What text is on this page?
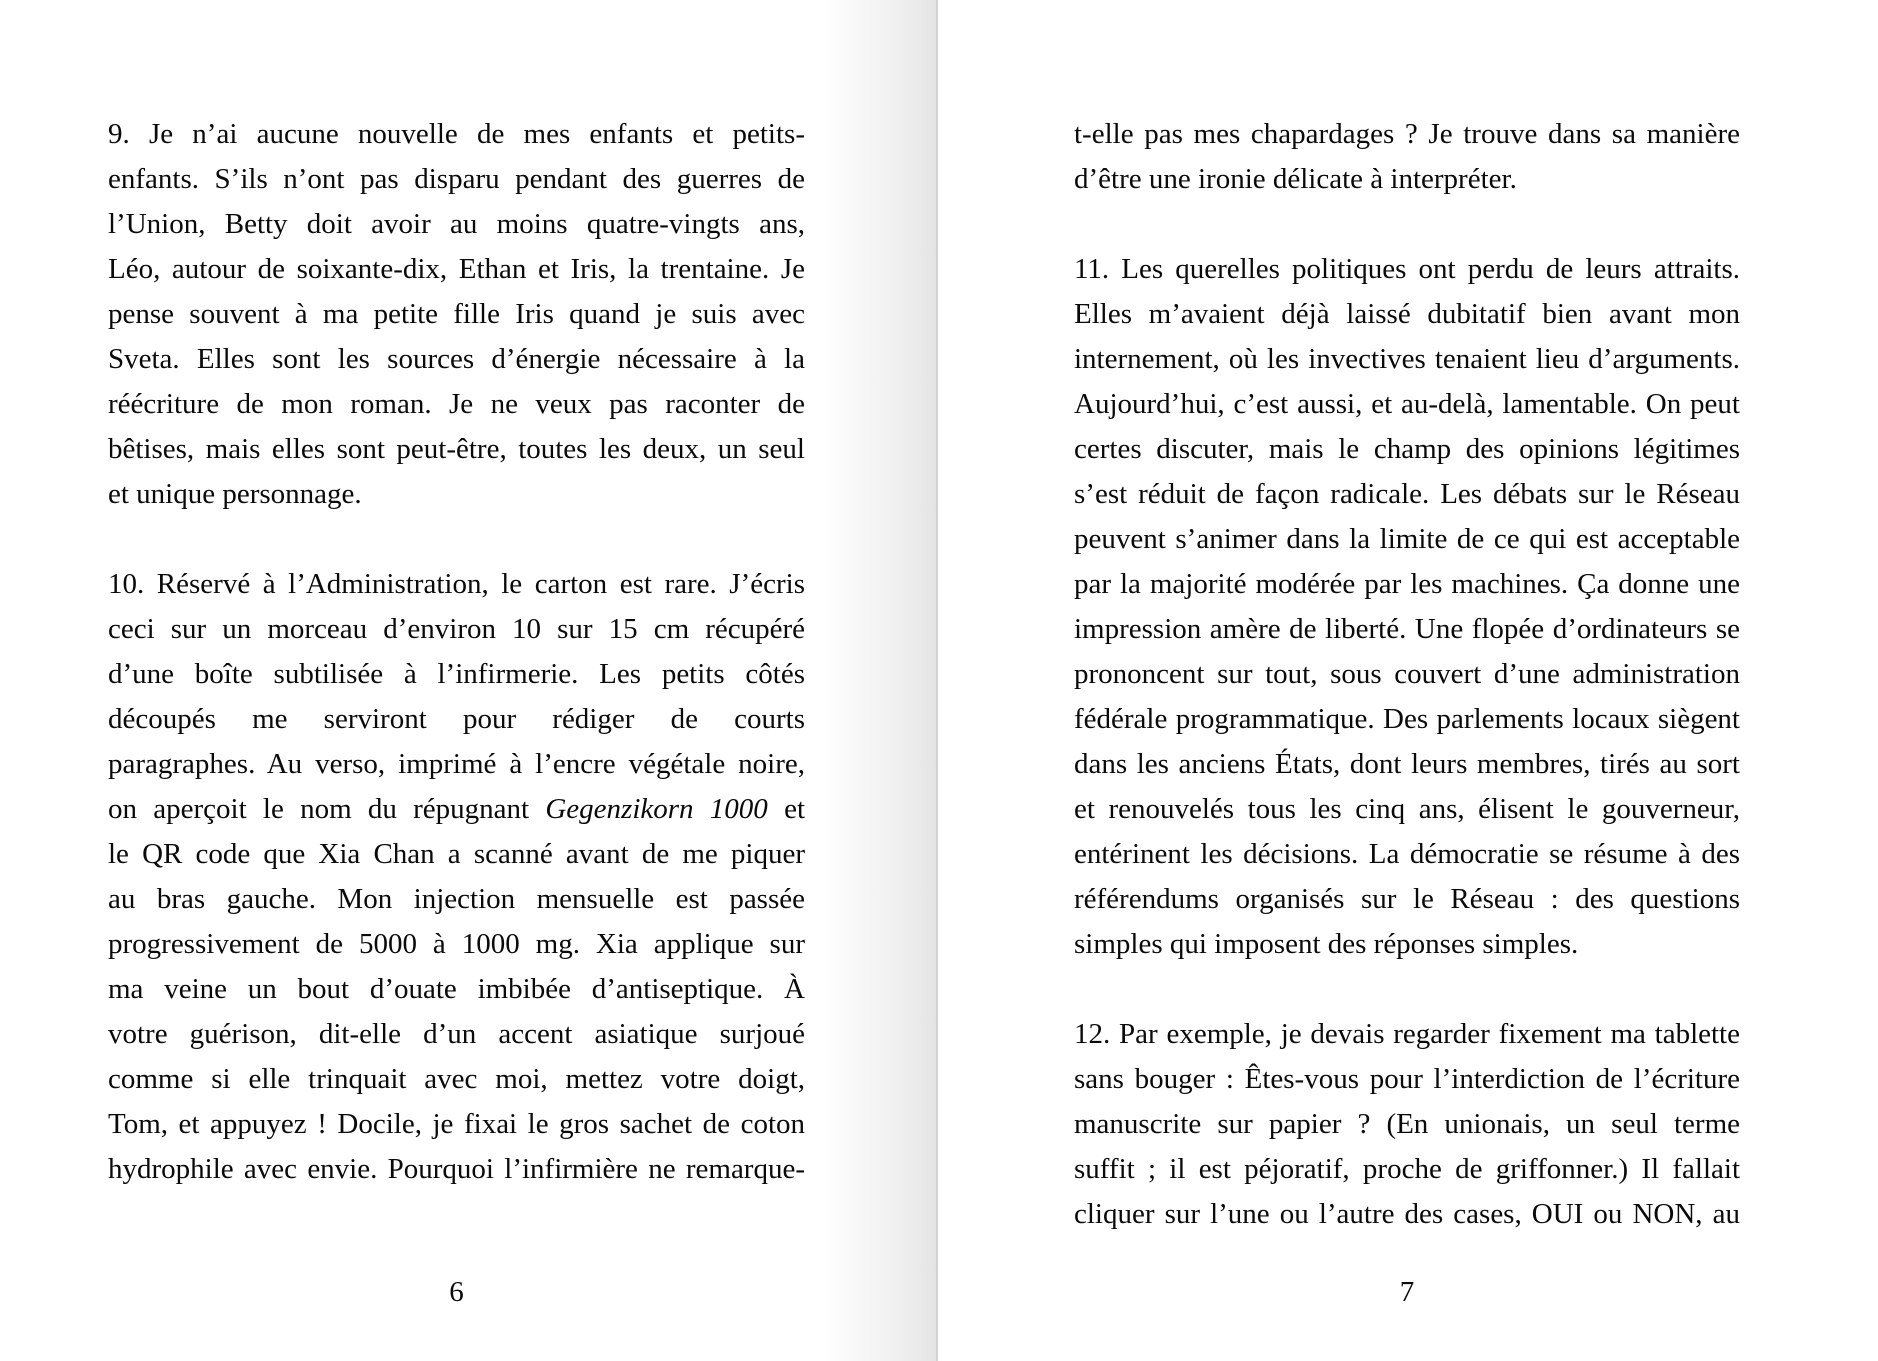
9. Je n’ai aucune nouvelle de mes enfants et petits-
enfants. S’ils n’ont pas disparu pendant des guerres de
l’Union, Betty doit avoir au moins quatre-vingts ans,
Léo, autour de soixante-dix, Ethan et Iris, la trentaine. Je
pense souvent à ma petite fille Iris quand je suis avec
Sveta. Elles sont les sources d’énergie nécessaire à la
réécriture de mon roman. Je ne veux pas raconter de
bêtises, mais elles sont peut-être, toutes les deux, un seul
et unique personnage.
10. Réservé à l’Administration, le carton est rare. J’écris
ceci sur un morceau d’environ 10 sur 15 cm récupéré
d’une boîte subtilisée à l’infirmerie. Les petits côtés
découpés me serviront pour rédiger de courts
paragraphes. Au verso, imprimé à l’encre végétale noire,
on aperçoit le nom du répugnant Gegenzikorn 1000 et
le QR code que Xia Chan a scanné avant de me piquer
au bras gauche. Mon injection mensuelle est passée
progressivement de 5000 à 1000 mg. Xia applique sur
ma veine un bout d’ouate imbibée d’antiseptique. À
votre guérison, dit-elle d’un accent asiatique surjoué
comme si elle trinquait avec moi, mettez votre doigt,
Tom, et appuyez ! Docile, je fixai le gros sachet de coton
hydrophile avec envie. Pourquoi l’infirmière ne remarque-
6
t-elle pas mes chapardages ? Je trouve dans sa manière
d’être une ironie délicate à interpréter.
11. Les querelles politiques ont perdu de leurs attraits.
Elles m’avaient déjà laissé dubitatif bien avant mon
internement, où les invectives tenaient lieu d’arguments.
Aujourd’hui, c’est aussi, et au-delà, lamentable. On peut
certes discuter, mais le champ des opinions légitimes
s’est réduit de façon radicale. Les débats sur le Réseau
peuvent s’animer dans la limite de ce qui est acceptable
par la majorité modérée par les machines. Ça donne une
impression amère de liberté. Une flopée d’ordinateurs se
prononcent sur tout, sous couvert d’une administration
fédérale programmatique. Des parlements locaux siègent
dans les anciens États, dont leurs membres, tirés au sort
et renouvelés tous les cinq ans, élisent le gouverneur,
entérinent les décisions. La démocratie se résume à des
référendums organisés sur le Réseau : des questions
simples qui imposent des réponses simples.
12. Par exemple, je devais regarder fixement ma tablette
sans bouger : Êtes-vous pour l’interdiction de l’écriture
manuscrite sur papier ? (En unionais, un seul terme
suffit ; il est péjoratif, proche de griffonner.) Il fallait
cliquer sur l’une ou l’autre des cases, OUI ou NON, au
7
